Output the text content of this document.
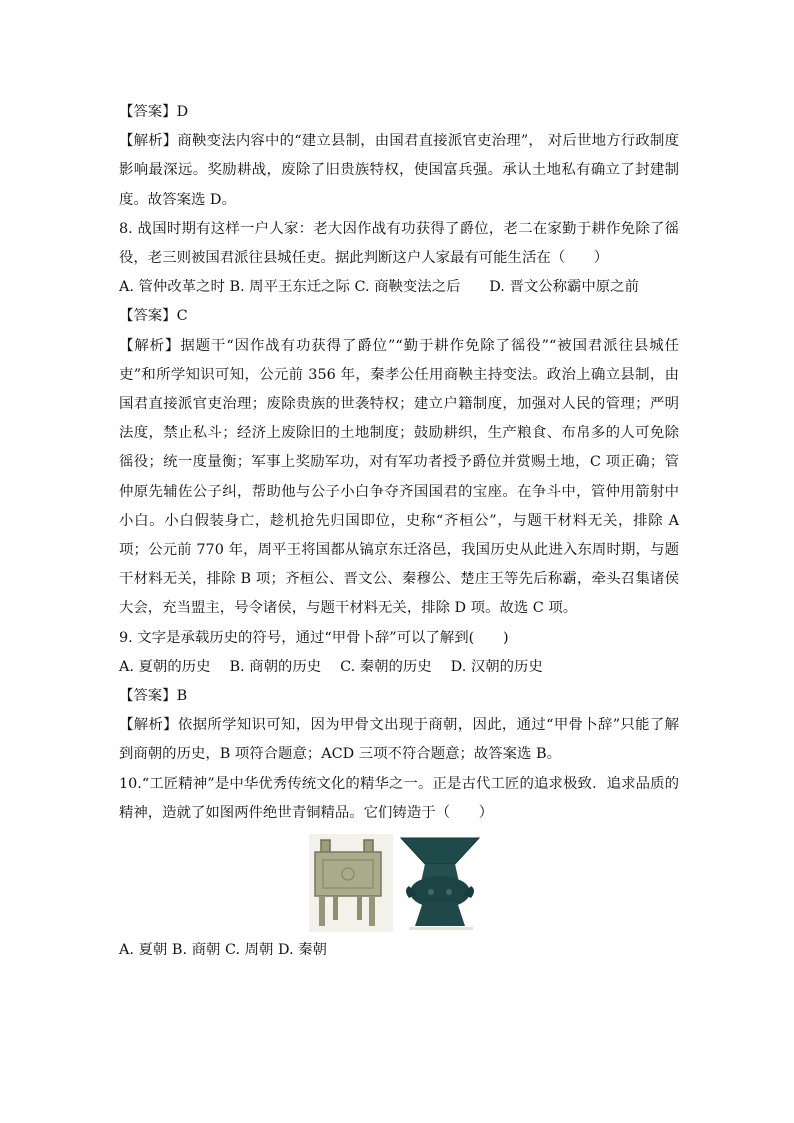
【答案】D

【解析】商鞅变法内容中的“建立县制，由国君直接派官吏治理”， 对后世地方行政制度影响最深远。奖励耕战，废除了旧贵族特权，使国富兵强。承认土地私有确立了封建制度。故答案选 D。

8. 战国时期有这样一户人家：老大因作战有功获得了爵位，老二在家勤于耕作免除了徭役，老三则被国君派往县城任吏。据此判断这户人家最有可能生活在（　　）

A. 管仲改革之时 B. 周平王东迁之际 C. 商鞅变法之后　　D. 晋文公称霸中原之前

【答案】C

【解析】据题干“因作战有功获得了爵位”“勤于耕作免除了徭役”“被国君派往县城任吏”和所学知识可知，公元前 356 年，秦孝公任用商鞅主持变法。政治上确立县制，由国君直接派官吏治理；废除贵族的世袭特权；建立户籍制度，加强对人民的管理；严明法度，禁止私斗；经济上废除旧的土地制度；鼓励耕织，生产粮食、布帛多的人可免除徭役；统一度量衡；军事上奖励军功，对有军功者授予爵位并赏赐土地，C 项正确；管仲原先辅佐公子纠，帮助他与公子小白争夺齐国国君的宝座。在争斗中，管仲用箭射中小白。小白假装身亡，趁机抢先归国即位，史称“齐桓公”，与题干材料无关，排除 A 项；公元前 770 年，周平王将国都从镐京东迁洛邑，我国历史从此进入东周时期，与题干材料无关，排除 B 项；齐桓公、晋文公、秦穆公、楚庄王等先后称霸，牵头召集诸侯大会，充当盟主，号令诸侯，与题干材料无关，排除 D 项。故选 C 项。

9. 文字是承载历史的符号，通过“甲骨卜辞”可以了解到(　　)

A. 夏朝的历史　 B. 商朝的历史　 C. 秦朝的历史　 D. 汉朝的历史

【答案】B

【解析】依据所学知识可知，因为甲骨文出现于商朝，因此，通过“甲骨卜辞”只能了解到商朝的历史，B 项符合题意；ACD 三项不符合题意；故答案选 B。

10.“工匠精神”是中华优秀传统文化的精华之一。正是古代工匠的追求极致．追求品质的精神，造就了如图两件绝世青铜精品。它们铸造于（　　）

A. 夏朝 B. 商朝 C. 周朝 D. 秦朝
